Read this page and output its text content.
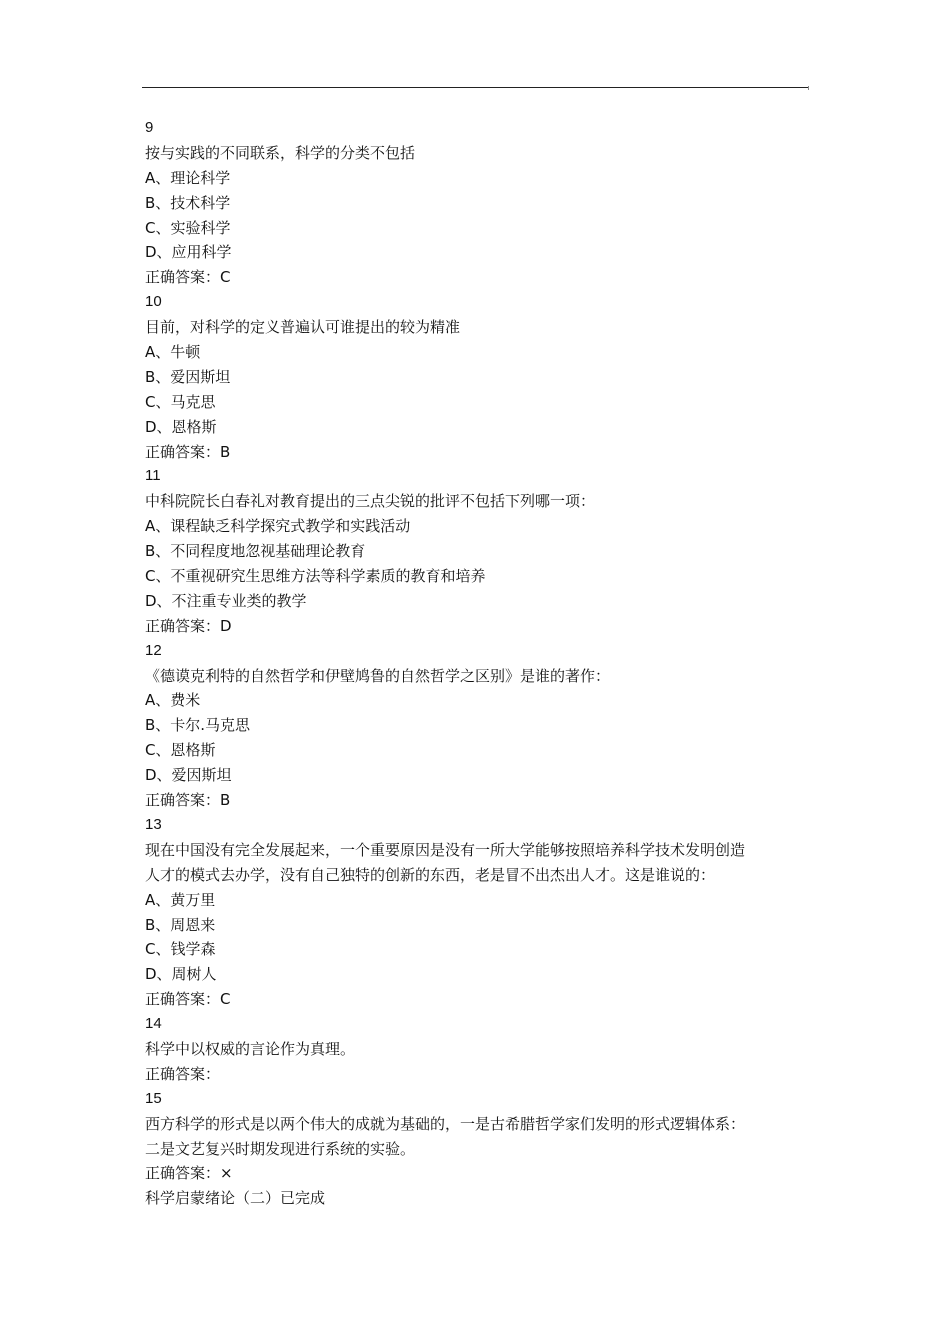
9
按与实践的不同联系，科学的分类不包括
A、理论科学
B、技术科学
C、实验科学
D、应用科学
正确答案：C
10
目前，对科学的定义普遍认可谁提出的较为精准
A、牛顿
B、爱因斯坦
C、马克思
D、恩格斯
正确答案：B
11
中科院院长白春礼对教育提出的三点尖锐的批评不包括下列哪一项：
A、课程缺乏科学探究式教学和实践活动
B、不同程度地忽视基础理论教育
C、不重视研究生思维方法等科学素质的教育和培养
D、不注重专业类的教学
正确答案：D
12
《德谟克利特的自然哲学和伊壁鸠鲁的自然哲学之区别》是谁的著作：
A、费米
B、卡尔.马克思
C、恩格斯
D、爱因斯坦
正确答案：B
13
现在中国没有完全发展起来，一个重要原因是没有一所大学能够按照培养科学技术发明创造
人才的模式去办学，没有自己独特的创新的东西，老是冒不出杰出人才。这是谁说的：
A、黄万里
B、周恩来
C、钱学森
D、周树人
正确答案：C
14
科学中以权威的言论作为真理。
正确答案：
15
西方科学的形式是以两个伟大的成就为基础的，一是古希腊哲学家们发明的形式逻辑体系：
二是文艺复兴时期发现进行系统的实验。
正确答案：×
科学启蒙绪论（二）已完成
